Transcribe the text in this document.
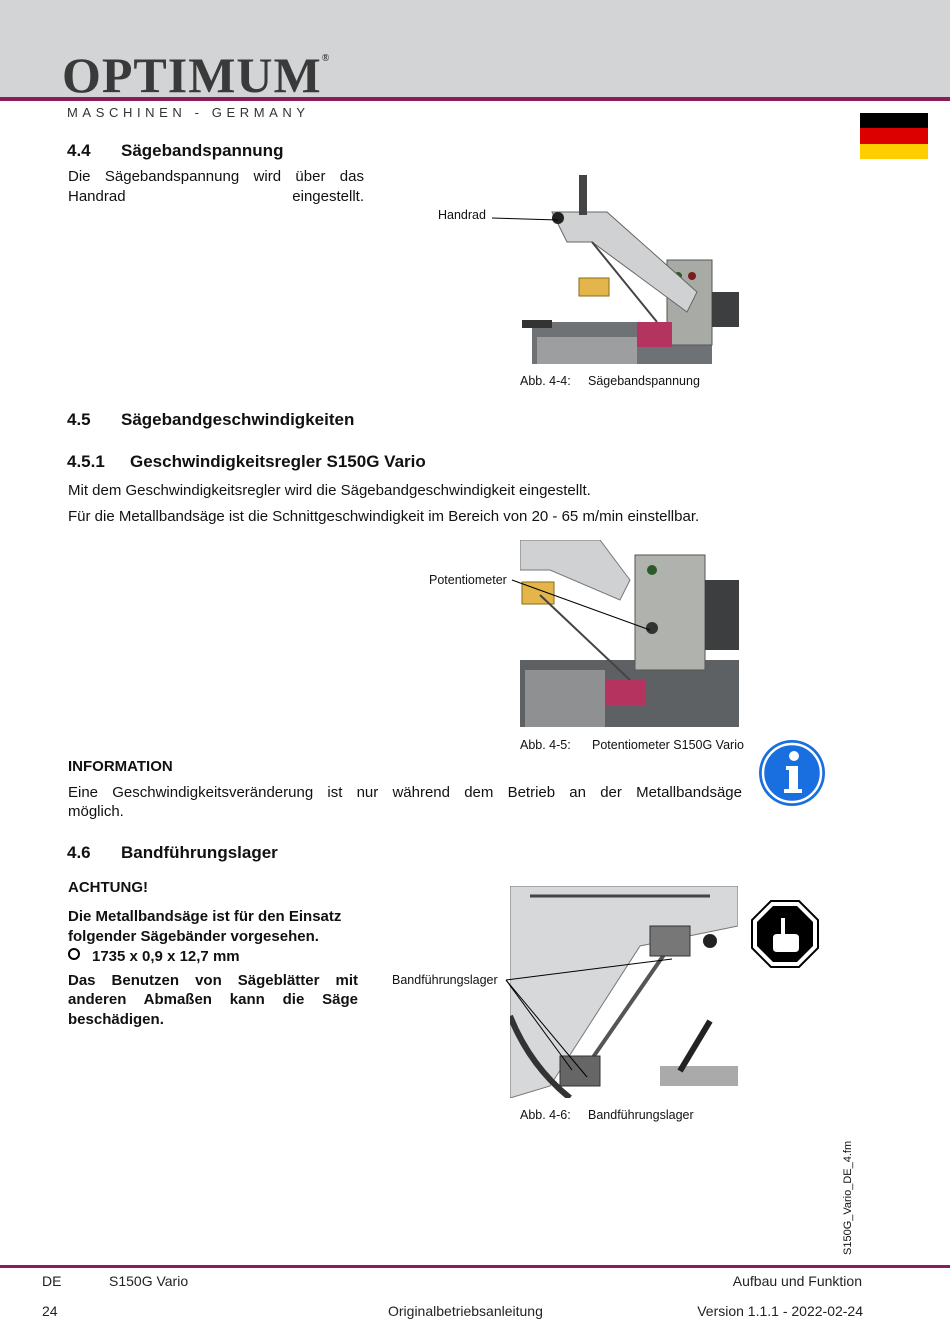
OPTIMUM®
MASCHINEN - GERMANY
4.4 Sägebandspannung

Die Sägebandspannung wird über das Handrad eingestellt.

Handrad
Abb. 4-4: Sägebandspannung
4.5 Sägebandgeschwindigkeiten
4.5.1 Geschwindigkeitsregler S150G Vario

Mit dem Geschwindigkeitsregler wird die Sägebandgeschwindigkeit eingestellt.

Für die Metallbandsäge ist die Schnittgeschwindigkeit im Bereich von 20 - 65 m/min einstellbar.

Potentiometer
Abb. 4-5: Potentiometer S150G Vario
INFORMATION

Eine Geschwindigkeitsveränderung ist nur während dem Betrieb an der Metallbandsäge

möglich.

4.6 Bandführungslager
ACHTUNG!

Die Metallbandsäge ist für den Einsatz

folgender Sägebänder vorgesehen.

1735 x 0,9 x 12,7 mm

Das Benutzen von Sägeblätter mit

anderen Abmaßen kann die Säge

beschädigen.

Bandführungslager
Abb. 4-6: Bandführungslager
S150G_Vario_DE_4.fm
DE	S150G Vario	Aufbau und Funktion
24	Originalbetriebsanleitung	Version 1.1.1 - 2022-02-24
